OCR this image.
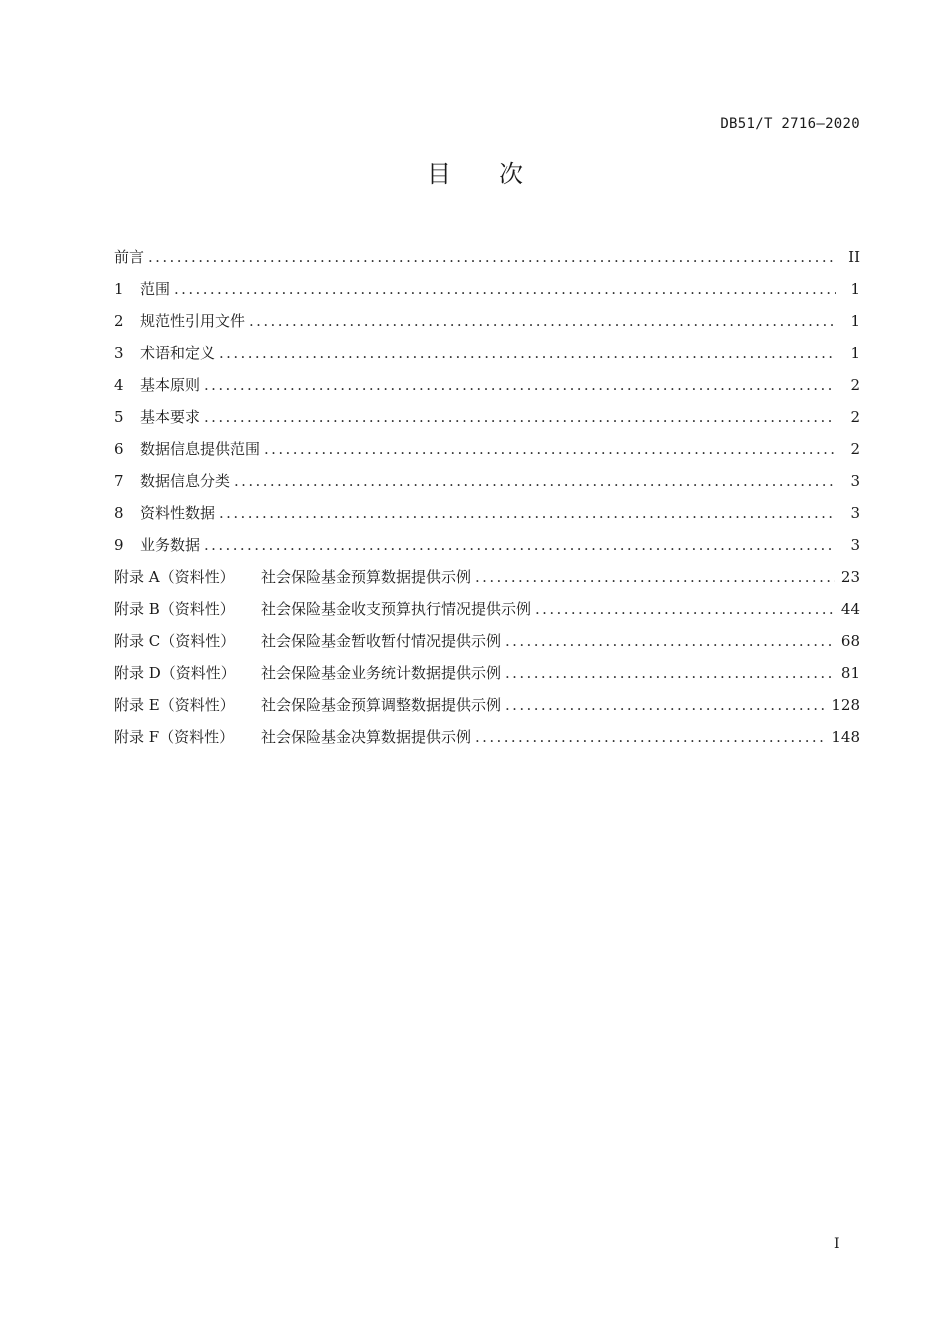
DB51/T 2716—2020
目次
前言 .....	II
1	范围 .....	1
2	规范性引用文件 .....	1
3	术语和定义 .....	1
4	基本原则 .....	2
5	基本要求 .....	2
6	数据信息提供范围 .....	2
7	数据信息分类 .....	3
8	资料性数据 .....	3
9	业务数据 .....	3
附录 A（资料性）	社会保险基金预算数据提供示例 .....	23
附录 B（资料性）	社会保险基金收支预算执行情况提供示例 .....	44
附录 C（资料性）	社会保险基金暂收暂付情况提供示例 .....	68
附录 D（资料性）	社会保险基金业务统计数据提供示例 .....	81
附录 E（资料性）	社会保险基金预算调整数据提供示例 .....	128
附录 F（资料性）	社会保险基金决算数据提供示例 .....	148
I
